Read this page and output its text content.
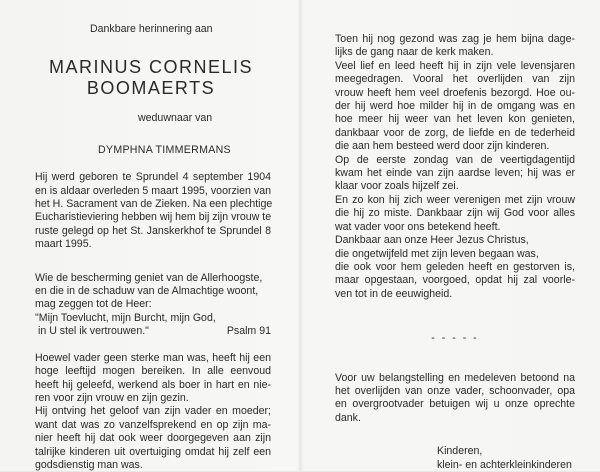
Dankbare herinnering aan
MARINUS CORNELIS
BOOMAERTS
weduwnaar van
DYMPHNA TIMMERMANS
Hij werd geboren te Sprundel 4 september 1904
en is aldaar overleden 5 maart 1995, voorzien van
het H. Sacrament van de Zieken. Na een plechtige
Eucharistieviering hebben wij hem bij zijn vrouw te
ruste gelegd op het St. Janskerkhof te Sprundel 8
maart 1995.
Wie de bescherming geniet van de Allerhoogste,
en die in de schaduw van de Almachtige woont,
mag zeggen tot de Heer:
"Mijn Toevlucht, mijn Burcht, mijn God,
in U stel ik vertrouwen."	Psalm 91
Hoewel vader geen sterke man was, heeft hij een
hoge leeftijd mogen bereiken. In alle eenvoud
heeft hij geleefd, werkend als boer in hart en nie-
ren voor zijn vrouw en zijn gezin.
Hij ontving het geloof van zijn vader en moeder;
want dat was zo vanzelfsprekend en op zijn ma-
nier heeft hij dat ook weer doorgegeven aan zijn
talrijke kinderen uit overtuiging omdat hij zelf een
godsdienstig man was.
Toen hij nog gezond was zag je hem bijna dage-
lijks de gang naar de kerk maken.
Veel lief en leed heeft hij in zijn vele levensjaren
meegedragen. Vooral het overlijden van zijn
vrouw heeft hem veel droefenis bezorgd. Hoe ou-
der hij werd hoe milder hij in de omgang was en
hoe meer hij weer van het leven kon genieten,
dankbaar voor de zorg, de liefde en de tederheid
die aan hem besteed werd door zijn kinderen.
Op de eerste zondag van de veertigdagentijd
kwam het einde van zijn aardse leven; hij was er
klaar voor zoals hijzelf zei.
En zo kon hij zich weer verenigen met zijn vrouw
die hij zo miste. Dankbaar zijn wij God voor alles
wat vader voor ons betekend heeft.
Dankbaar aan onze Heer Jezus Christus,
die ongetwijfeld met zijn leven begaan was,
die ook voor hem geleden heeft en gestorven is,
maar opgestaan, voorgoed, opdat hij zal voorle-
ven tot in de eeuwigheid.
- - - - -
Voor uw belangstelling en medeleven betoond na
het overlijden van onze vader, schoonvader, opa
en overgrootvader betuigen wij u onze oprechte
dank.
Kinderen,
klein- en achterkleinkinderen
